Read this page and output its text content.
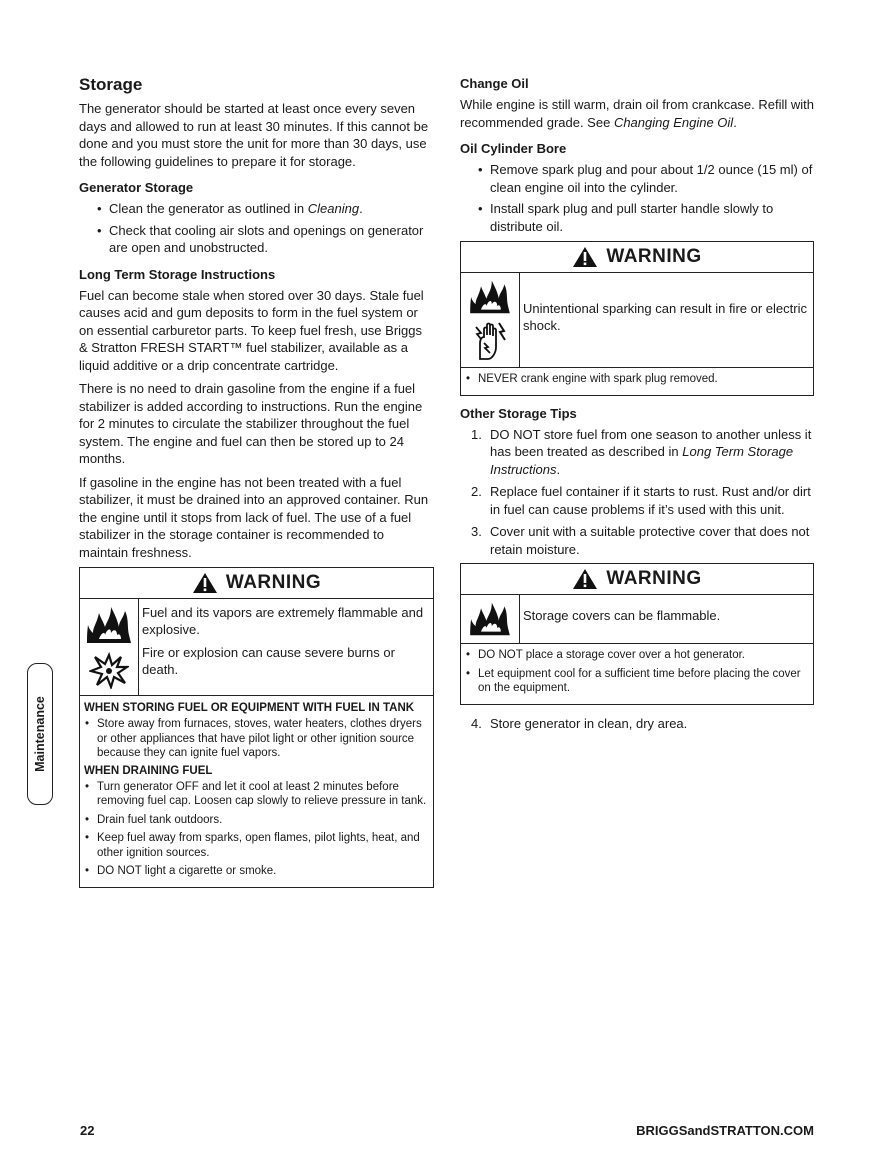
Storage

The generator should be started at least once every seven days and allowed to run at least 30 minutes. If this cannot be done and you must store the unit for more than 30 days, use the following guidelines to prepare it for storage.

Generator Storage
• Clean the generator as outlined in Cleaning.
• Check that cooling air slots and openings on generator are open and unobstructed.
Long Term Storage Instructions

Fuel can become stale when stored over 30 days. Stale fuel causes acid and gum deposits to form in the fuel system or on essential carburetor parts. To keep fuel fresh, use Briggs & Stratton FRESH START™ fuel stabilizer, available as a liquid additive or a drip concentrate cartridge.

There is no need to drain gasoline from the engine if a fuel stabilizer is added according to instructions. Run the engine for 2 minutes to circulate the stabilizer throughout the fuel system. The engine and fuel can then be stored up to 24 months.

If gasoline in the engine has not been treated with a fuel stabilizer, it must be drained into an approved container. Run the engine until it stops from lack of fuel. The use of a fuel stabilizer in the storage container is recommended to maintain freshness.

WARNING

Fuel and its vapors are extremely flammable and explosive.

Fire or explosion can cause severe burns or death.

WHEN STORING FUEL OR EQUIPMENT WITH FUEL IN TANK
• Store away from furnaces, stoves, water heaters, clothes dryers or other appliances that have pilot light or other ignition source because they can ignite fuel vapors.
WHEN DRAINING FUEL
• Turn generator OFF and let it cool at least 2 minutes before removing fuel cap. Loosen cap slowly to relieve pressure in tank.
• Drain fuel tank outdoors.
• Keep fuel away from sparks, open flames, pilot lights, heat, and other ignition sources.
• DO NOT light a cigarette or smoke.
Change Oil

While engine is still warm, drain oil from crankcase. Refill with recommended grade. See Changing Engine Oil.

Oil Cylinder Bore
• Remove spark plug and pour about 1/2 ounce (15 ml) of clean engine oil into the cylinder.
• Install spark plug and pull starter handle slowly to distribute oil.
WARNING

Unintentional sparking can result in fire or electric shock.

• NEVER crank engine with spark plug removed.
Other Storage Tips
1. DO NOT store fuel from one season to another unless it has been treated as described in Long Term Storage Instructions.
2. Replace fuel container if it starts to rust. Rust and/or dirt in fuel can cause problems if it’s used with this unit.
3. Cover unit with a suitable protective cover that does not retain moisture.
WARNING

Storage covers can be flammable.

• DO NOT place a storage cover over a hot generator.
• Let equipment cool for a sufficient time before placing the cover on the equipment.
4. Store generator in clean, dry area.
Maintenance
22	BRIGGSandSTRATTON.COM
